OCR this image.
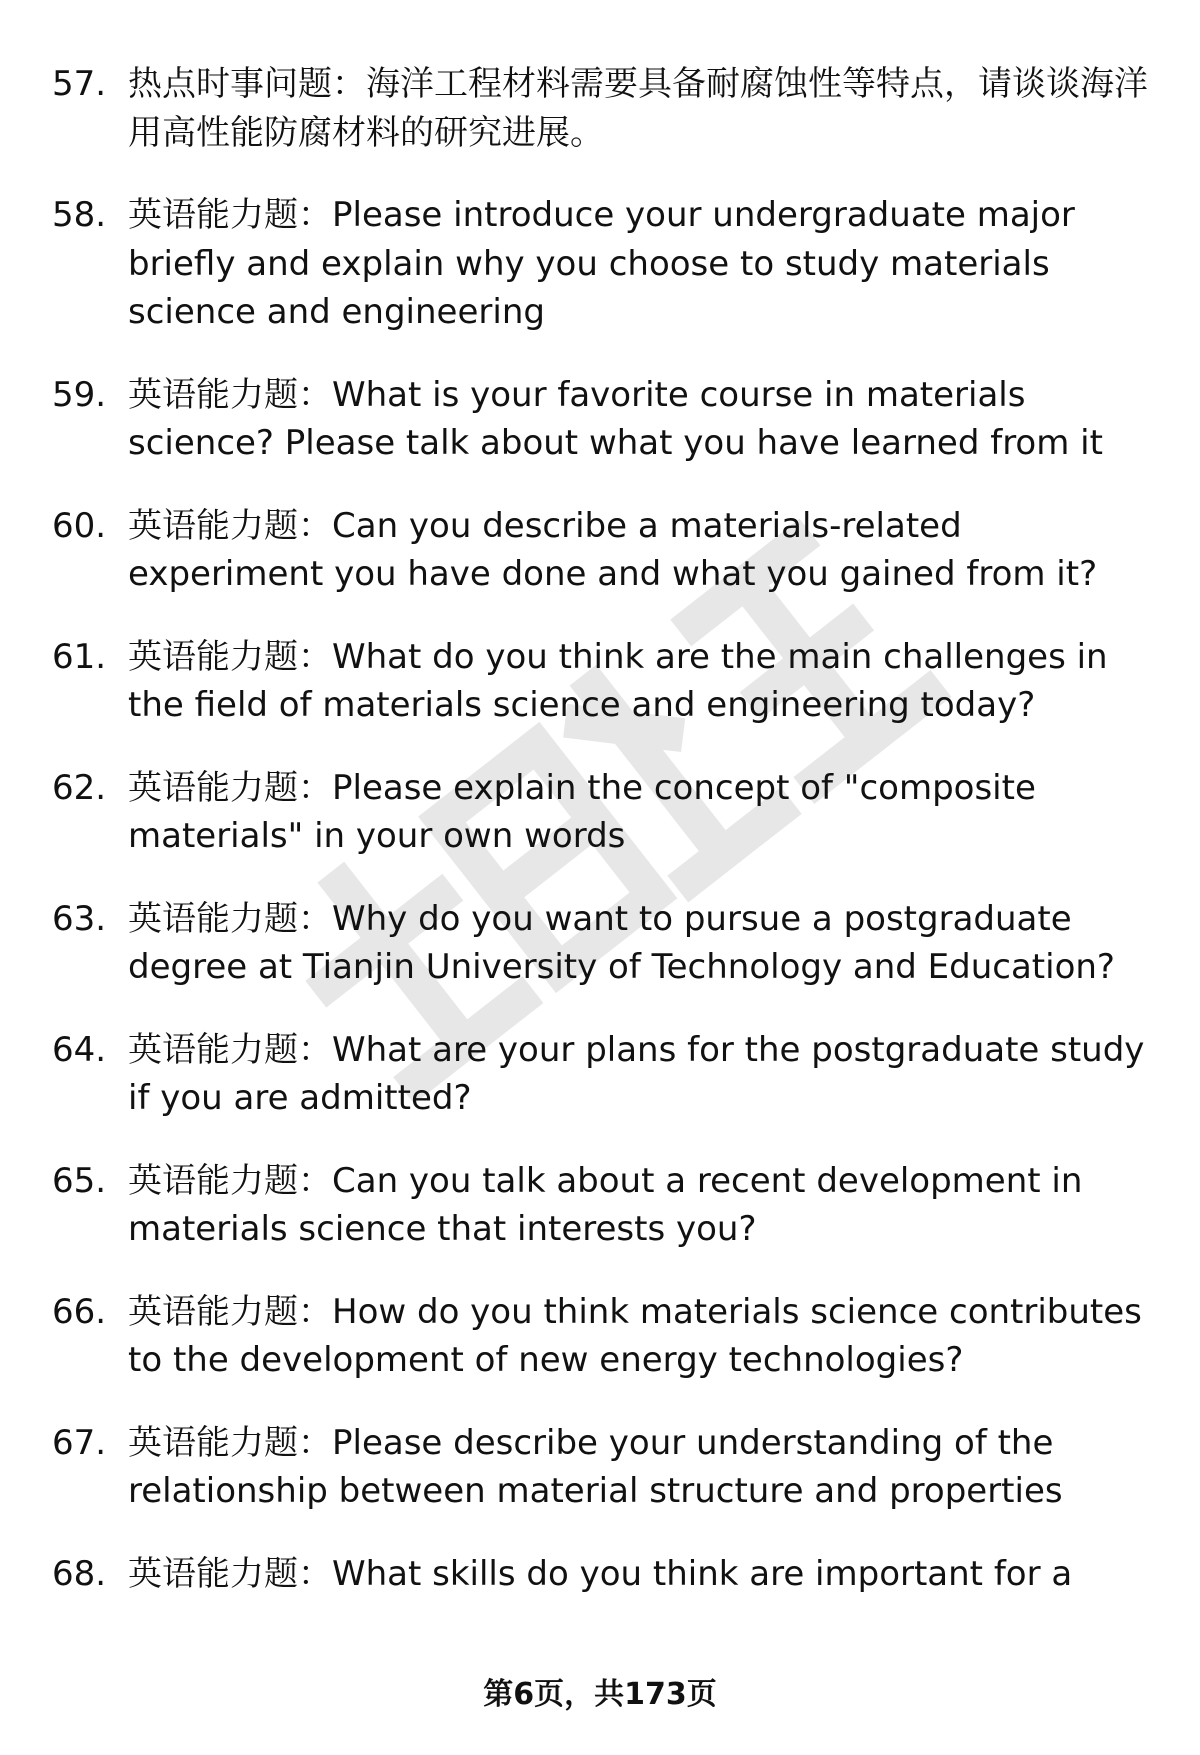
57. 热点时事问题 ： 海洋工程材料需要具备耐腐蚀性等特点，请谈谈海洋用高性能防腐材料的研究进展。
58. 英语能力题 ： Please introduce your undergraduate major briefly and explain why you choose to study materials science and engineering
59. 英语能力题 ： What is your favorite course in materials science? Please talk about what you have learned from it
60. 英语能力题 ： Can you describe a materials-related experiment you have done and what you gained from it?
61. 英语能力题 ： What do you think are the main challenges in the field of materials science and engineering today?
62. 英语能力题 ： Please explain the concept of "composite materials" in your own words
63. 英语能力题 ： Why do you want to pursue a postgraduate degree at Tianjin University of Technology and Education?
64. 英语能力题 ： What are your plans for the postgraduate study if you are admitted?
65. 英语能力题 ： Can you talk about a recent development in materials science that interests you?
66. 英语能力题 ： How do you think materials science contributes to the development of new energy technologies?
67. 英语能力题 ： Please describe your understanding of the relationship between material structure and properties
68. 英语能力题 ： What skills do you think are important for a
第6页，共173页
